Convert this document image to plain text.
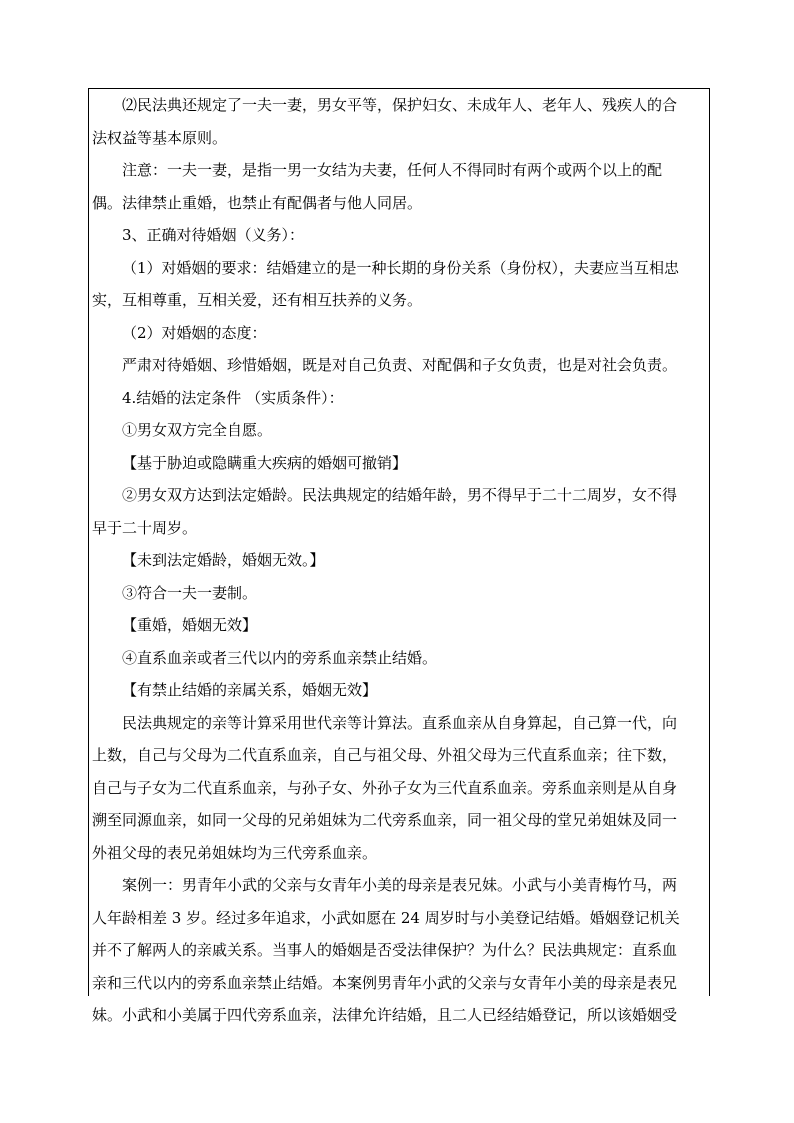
⑵民法典还规定了一夫一妻，男女平等，保护妇女、未成年人、老年人、残疾人的合
法权益等基本原则。
注意：一夫一妻，是指一男一女结为夫妻，任何人不得同时有两个或两个以上的配
偶。法律禁止重婚，也禁止有配偶者与他人同居。
3、正确对待婚姻（义务）：
（1）对婚姻的要求：结婚建立的是一种长期的身份关系（身份权），夫妻应当互相忠
实，互相尊重，互相关爱，还有相互扶养的义务。
（2）对婚姻的态度：
严肃对待婚姻、珍惜婚姻，既是对自己负责、对配偶和子女负责，也是对社会负责。
4.结婚的法定条件 （实质条件）：
①男女双方完全自愿。
【基于胁迫或隐瞒重大疾病的婚姻可撤销】
②男女双方达到法定婚龄。民法典规定的结婚年龄，男不得早于二十二周岁，女不得
早于二十周岁。
【未到法定婚龄，婚姻无效。】
③符合一夫一妻制。
【重婚，婚姻无效】
④直系血亲或者三代以内的旁系血亲禁止结婚。
【有禁止结婚的亲属关系，婚姻无效】
民法典规定的亲等计算采用世代亲等计算法。直系血亲从自身算起，自己算一代，向
上数，自己与父母为二代直系血亲，自己与祖父母、外祖父母为三代直系血亲；往下数，
自己与子女为二代直系血亲，与孙子女、外孙子女为三代直系血亲。旁系血亲则是从自身
溯至同源血亲，如同一父母的兄弟姐妹为二代旁系血亲，同一祖父母的堂兄弟姐妹及同一
外祖父母的表兄弟姐妹均为三代旁系血亲。
案例一：男青年小武的父亲与女青年小美的母亲是表兄妹。小武与小美青梅竹马，两
人年龄相差 3 岁。经过多年追求，小武如愿在 24 周岁时与小美登记结婚。婚姻登记机关
并不了解两人的亲戚关系。当事人的婚姻是否受法律保护？为什么？民法典规定：直系血
亲和三代以内的旁系血亲禁止结婚。本案例男青年小武的父亲与女青年小美的母亲是表兄
妹。小武和小美属于四代旁系血亲，法律允许结婚，且二人已经结婚登记，所以该婚姻受
